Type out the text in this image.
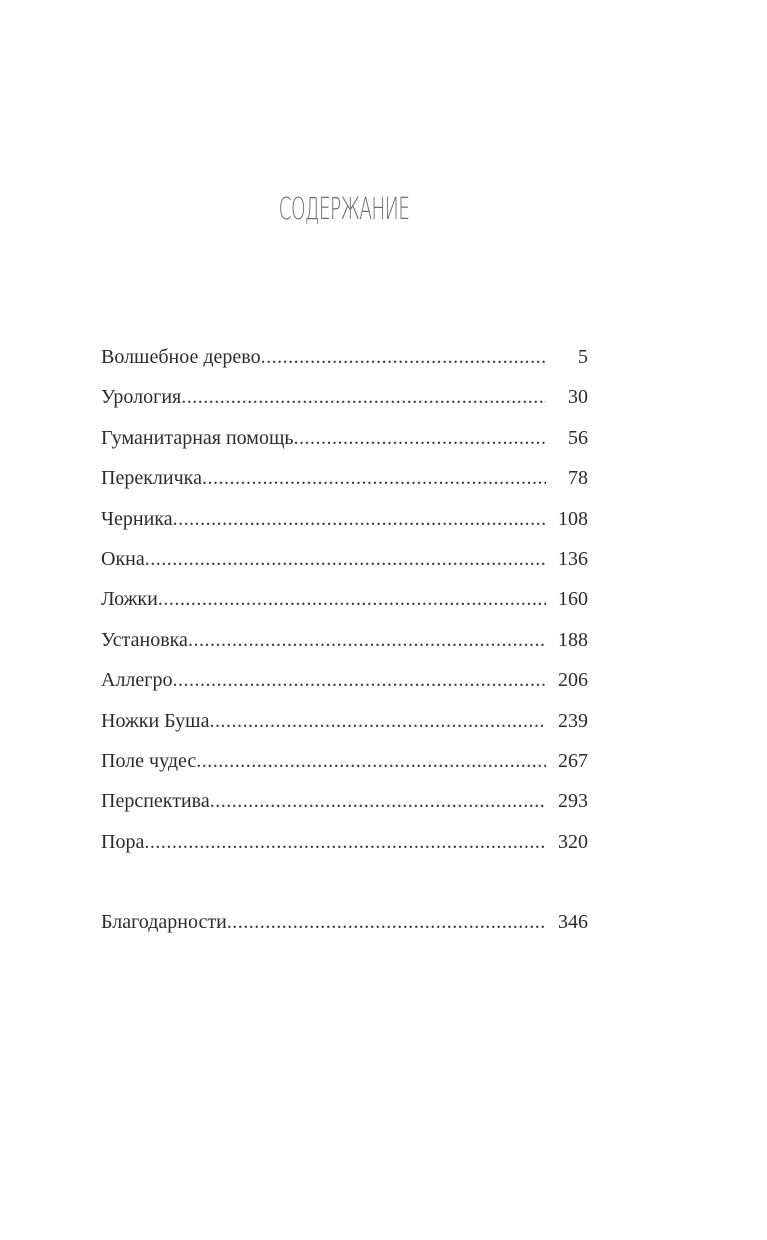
СОДЕРЖАНИЕ
Волшебное дерево .....	5
Урология .....	30
Гуманитарная помощь .....	56
Перекличка .....	78
Черника .....	108
Окна .....	136
Ложки .....	160
Установка .....	188
Аллегро .....	206
Ножки Буша .....	239
Поле чудес .....	267
Перспектива .....	293
Пора .....	320
Благодарности .....	346
